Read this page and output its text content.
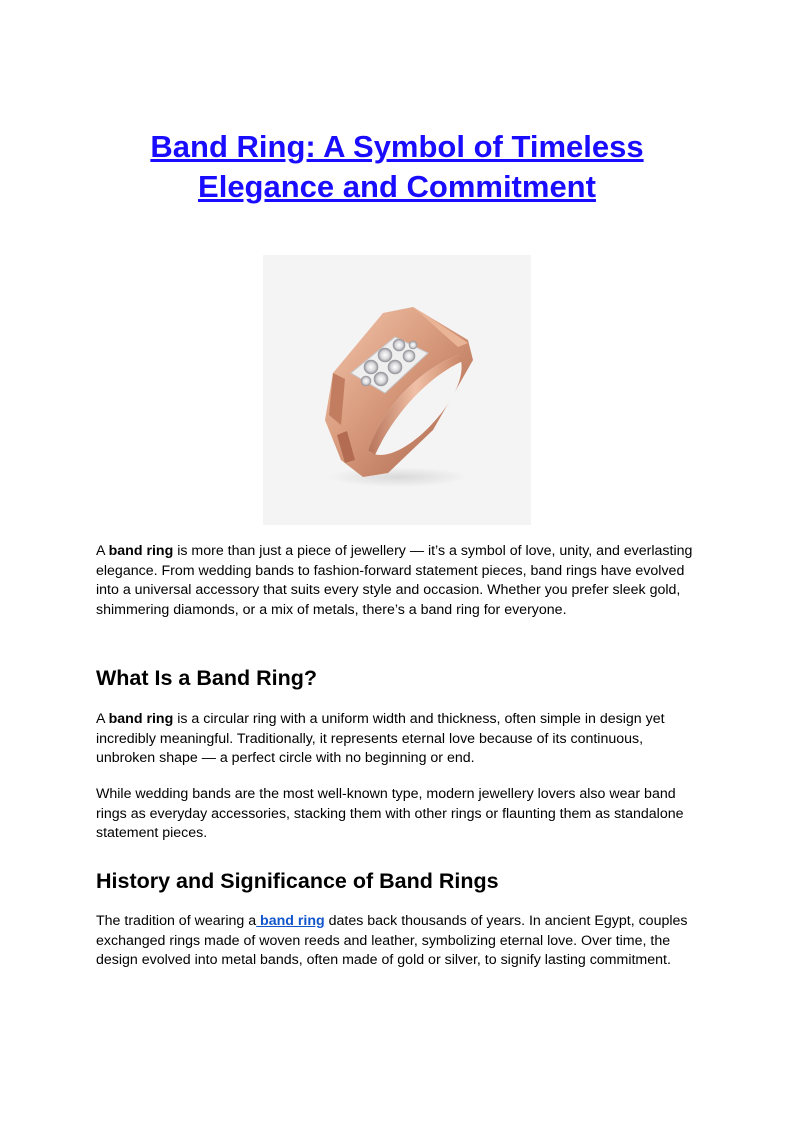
Band Ring: A Symbol of Timeless
Elegance and Commitment

A band ring is more than just a piece of jewellery — it’s a symbol of love, unity, and everlasting elegance. From wedding bands to fashion-forward statement pieces, band rings have evolved into a universal accessory that suits every style and occasion. Whether you prefer sleek gold, shimmering diamonds, or a mix of metals, there’s a band ring for everyone.

What Is a Band Ring?

A band ring is a circular ring with a uniform width and thickness, often simple in design yet incredibly meaningful. Traditionally, it represents eternal love because of its continuous, unbroken shape — a perfect circle with no beginning or end.

While wedding bands are the most well-known type, modern jewellery lovers also wear band rings as everyday accessories, stacking them with other rings or flaunting them as standalone statement pieces.

History and Significance of Band Rings

The tradition of wearing a band ring dates back thousands of years. In ancient Egypt, couples exchanged rings made of woven reeds and leather, symbolizing eternal love. Over time, the design evolved into metal bands, often made of gold or silver, to signify lasting commitment.
